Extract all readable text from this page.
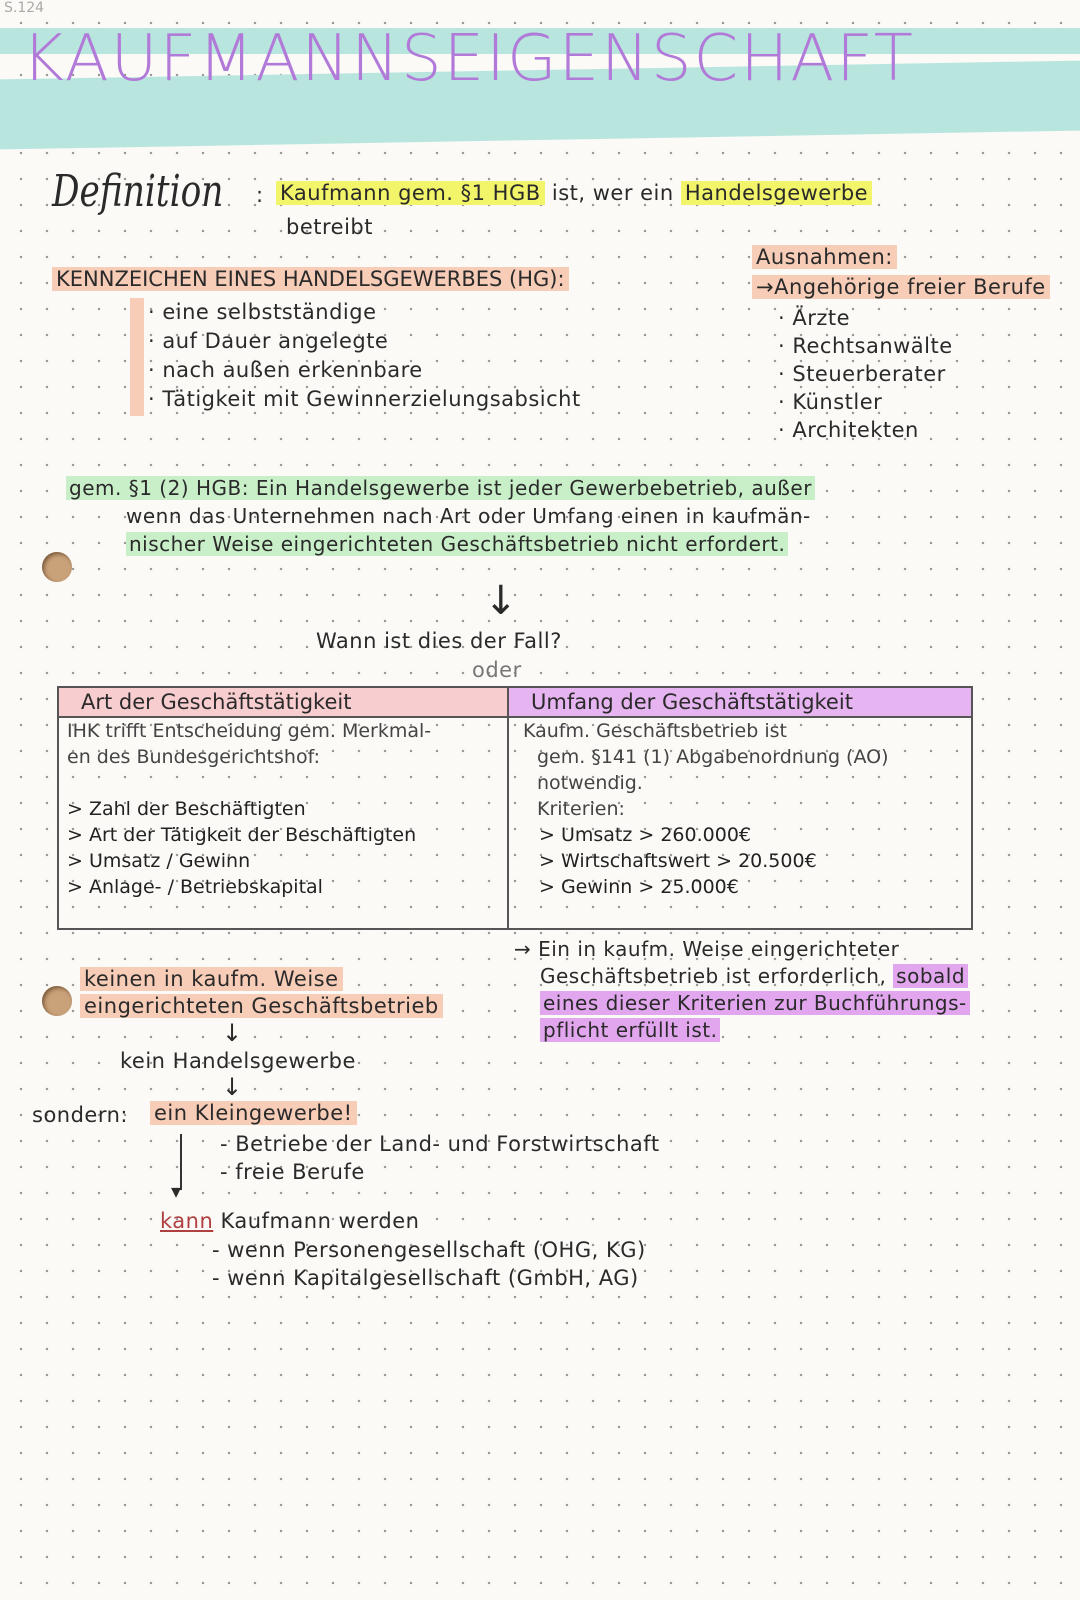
S.124
KAUFMANNSEIGENSCHAFT
Definition : Kaufmann gem. §1 HGB ist, wer ein Handelsgewerbe
betreibt
KENNZEICHEN EINES HANDELSGEWERBES (HG):
· eine selbstständige
· auf Dauer angelegte
· nach außen erkennbare
· Tätigkeit mit Gewinnerzielungsabsicht
Ausnahmen:
→Angehörige freier Berufe
· Ärzte
· Rechtsanwälte
· Steuerberater
· Künstler
· Architekten
gem. §1 (2) HGB: Ein Handelsgewerbe ist jeder Gewerbebetrieb, außer
wenn das Unternehmen nach Art oder Umfang einen in kaufmän-
nischer Weise eingerichteten Geschäftsbetrieb nicht erfordert.
↓
Wann ist dies der Fall?
oder
Art der Geschäftstätigkeit
IHK trifft Entscheidung gem. Merkmal-
en des Bundesgerichtshof:
> Zahl der Beschäftigten
> Art der Tätigkeit der Beschäftigten
> Umsatz / Gewinn
> Anlage- / Betriebskapital
Umfang der Geschäftstätigkeit
Kaufm. Geschäftsbetrieb ist
gem. §141 (1) Abgabenordnung (AO)
notwendig.
Kriterien:
> Umsatz > 260.000€
> Wirtschaftswert > 20.500€
> Gewinn > 25.000€
→ Ein in kaufm. Weise eingerichteter
Geschäftsbetrieb ist erforderlich, sobald
eines dieser Kriterien zur Buchführungs-
pflicht erfüllt ist.
keinen in kaufm. Weise
eingerichteten Geschäftsbetrieb
↓
kein Handelsgewerbe
↓
sondern: ein Kleingewerbe!
- Betriebe der Land- und Forstwirtschaft
- freie Berufe
▾
kann Kaufmann werden
- wenn Personengesellschaft (OHG, KG)
- wenn Kapitalgesellschaft (GmbH, AG)
